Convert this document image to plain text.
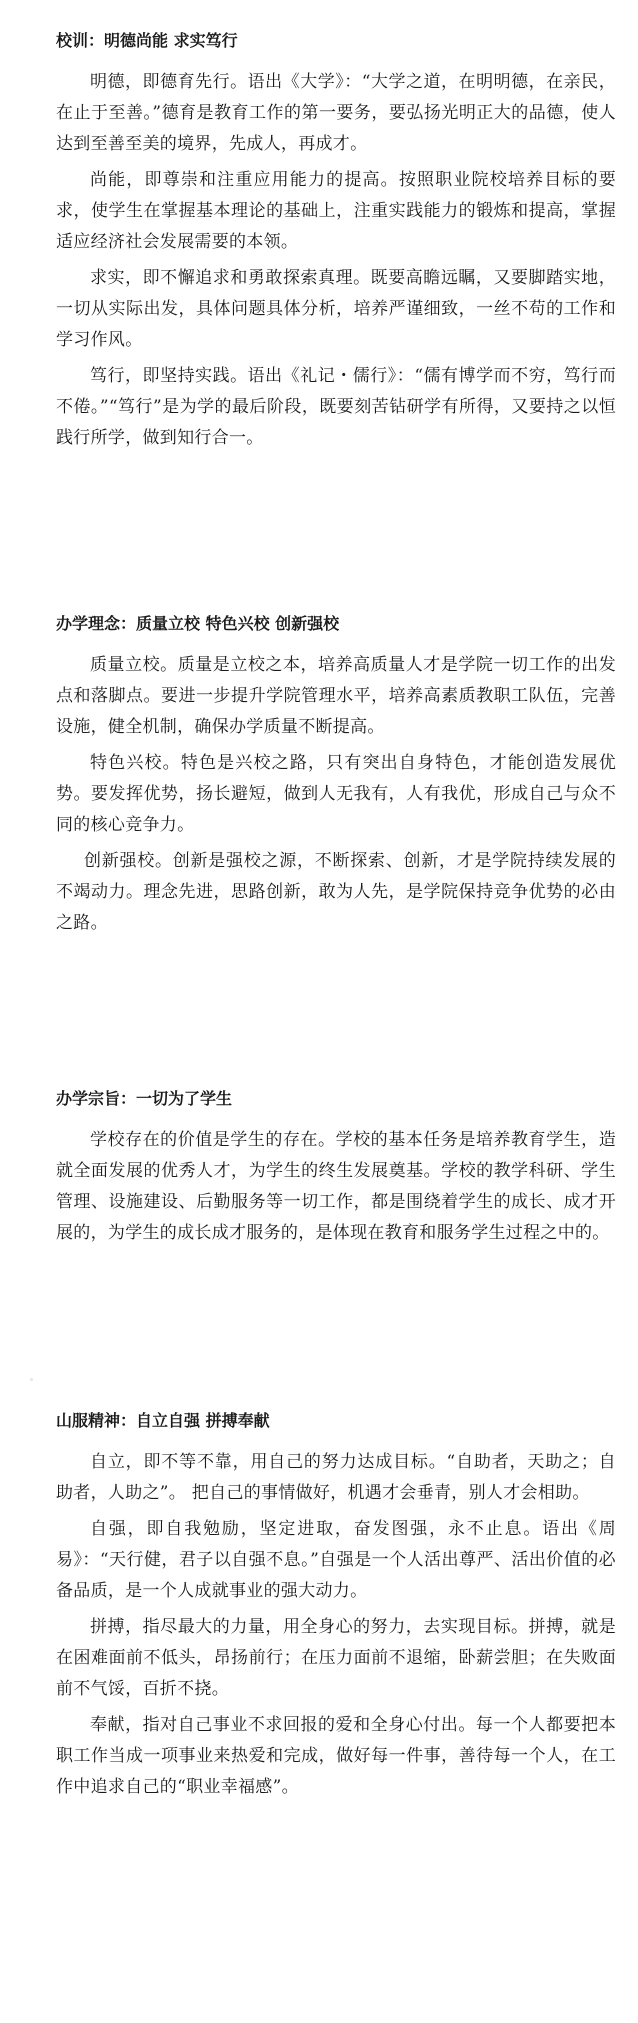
校训：明德尚能 求实笃行

明德，即德育先行。语出《大学》：“大学之道，在明明德，在亲民，在止于至善。”德育是教育工作的第一要务，要弘扬光明正大的品德，使人达到至善至美的境界，先成人，再成才。

尚能，即尊崇和注重应用能力的提高。按照职业院校培养目标的要求，使学生在掌握基本理论的基础上，注重实践能力的锻炼和提高，掌握适应经济社会发展需要的本领。

求实，即不懈追求和勇敢探索真理。既要高瞻远瞩，又要脚踏实地，一切从实际出发，具体问题具体分析，培养严谨细致，一丝不苟的工作和学习作风。

笃行，即坚持实践。语出《礼记・儒行》：“儒有博学而不穷，笃行而不倦。”“笃行”是为学的最后阶段，既要刻苦钻研学有所得，又要持之以恒践行所学，做到知行合一。

办学理念：质量立校 特色兴校 创新强校

质量立校。质量是立校之本，培养高质量人才是学院一切工作的出发点和落脚点。要进一步提升学院管理水平，培养高素质教职工队伍，完善设施，健全机制，确保办学质量不断提高。

特色兴校。特色是兴校之路，只有突出自身特色，才能创造发展优势。要发挥优势，扬长避短，做到人无我有，人有我优，形成自己与众不同的核心竞争力。

创新强校。创新是强校之源，不断探索、创新，才是学院持续发展的不竭动力。理念先进，思路创新，敢为人先，是学院保持竞争优势的必由之路。

办学宗旨：一切为了学生

学校存在的价值是学生的存在。学校的基本任务是培养教育学生，造就全面发展的优秀人才，为学生的终生发展奠基。学校的教学科研、学生管理、设施建设、后勤服务等一切工作，都是围绕着学生的成长、成才开展的，为学生的成长成才服务的，是体现在教育和服务学生过程之中的。

山服精神：自立自强 拼搏奉献

自立，即不等不靠，用自己的努力达成目标。“自助者，天助之；自助者，人助之”。 把自己的事情做好，机遇才会垂青，别人才会相助。

自强，即自我勉励，坚定进取，奋发图强，永不止息。语出《周易》：“天行健，君子以自强不息。”自强是一个人活出尊严、活出价值的必备品质，是一个人成就事业的强大动力。

拼搏，指尽最大的力量，用全身心的努力，去实现目标。拼搏，就是在困难面前不低头，昂扬前行；在压力面前不退缩，卧薪尝胆；在失败面前不气馁，百折不挠。

奉献，指对自己事业不求回报的爱和全身心付出。每一个人都要把本职工作当成一项事业来热爱和完成，做好每一件事，善待每一个人，在工作中追求自己的“职业幸福感”。
